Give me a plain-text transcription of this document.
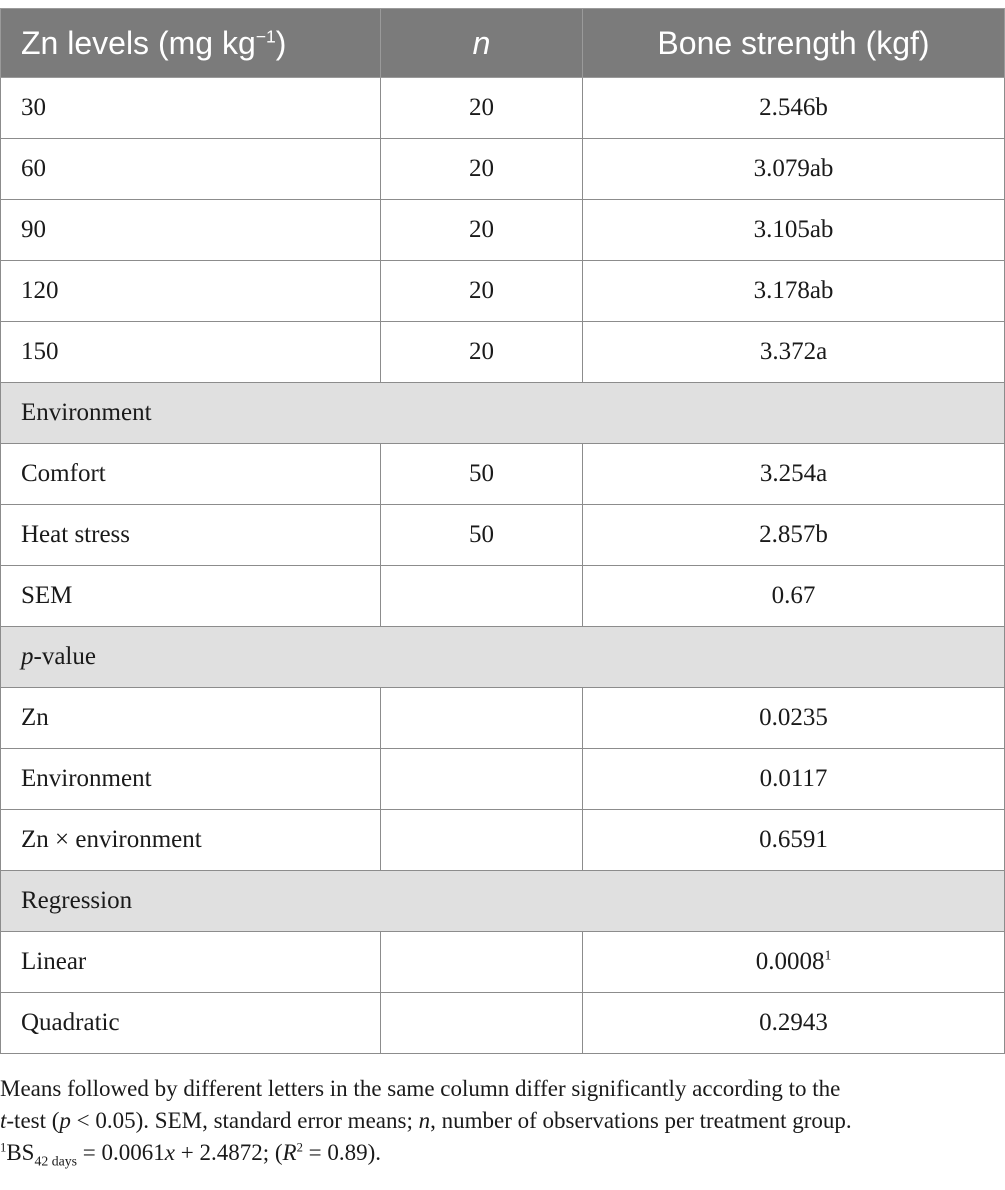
Zn levels (mg $kg^{-1}$)	n	Bone strength (kgf)
30	20	2.546b
60	20	3.079ab
90	20	3.105ab
120	20	3.178ab
150	20	3.372a
Environment		
Comfort	50	3.254a
Heat stress	50	2.857b
SEM		0.67
p-value		
Zn		0.0235
Environment		0.0117
Zn × environment		0.6591
Regression		
Linear		0.0008$^1$
Quadratic		0.2943

Means followed by different letters in the same column differ significantly according to the

t-test (p < 0.05). SEM, standard error means; n, number of observations per treatment group.

$^1BS_{42 days} = 0.0061x + 2.4872$; $(R^2 = 0.89)$.
